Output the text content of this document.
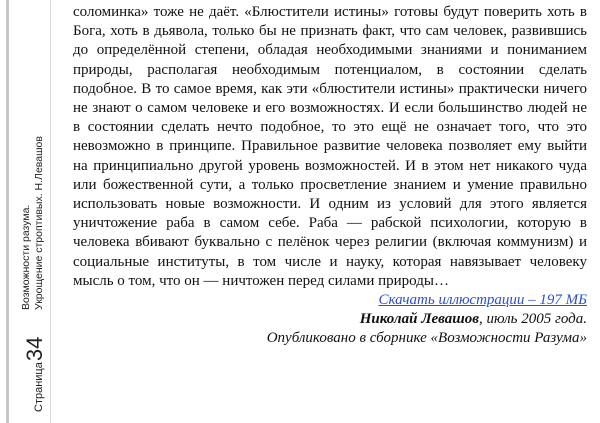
Возможности разума. Укрощение строптивых. Н.Левашов
Страница34

соломинка» тоже не даёт. «Блюстители истины» готовы будут поверить хоть в Бога, хоть в дьявола, только бы не признать факт, что сам человек, развившись до определённой степени, обладая необходимыми знаниями и пониманием природы, располагая необходимым потенциалом, в состоянии сделать подобное. В то самое время, как эти «блюстители истины» практически ничего не знают о самом человеке и его возможностях. И если большинство людей не в состоянии сделать нечто подобное, то это ещё не означает того, что это невозможно в принципе. Правильное развитие человека позволяет ему выйти на принципиально другой уровень возможностей. И в этом нет никакого чуда или божественной сути, а только просветление знанием и умение правильно использовать новые возможности. И одним из условий для этого является уничтожение раба в самом себе. Раба — рабской психологии, которую в человека вбивают буквально с пелёнок через религии (включая коммунизм) и социальные институты, в том числе и науку, которая навязывает человеку мысль о том, что он — ничтожен перед силами природы…

Скачать иллюстрации – 197 МБ
Николай Левашов, июль 2005 года.
Опубликовано в сборнике «Возможности Разума»
